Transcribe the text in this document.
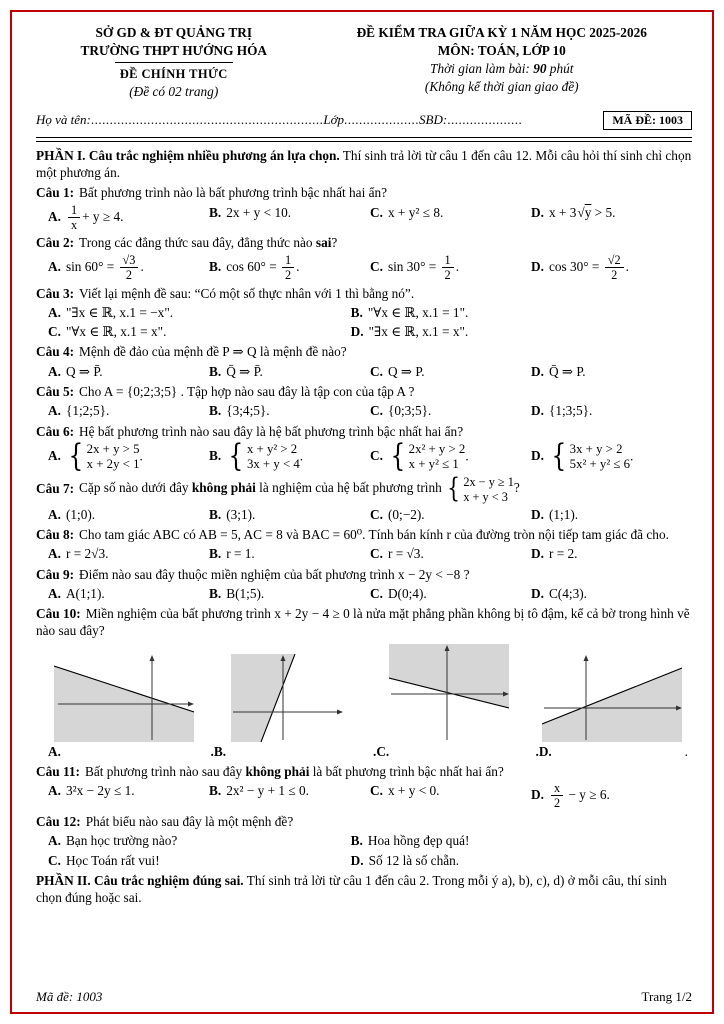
SỞ GD & ĐT QUẢNG TRỊ
TRƯỜNG THPT HƯỚNG HÓA
ĐỀ CHÍNH THỨC
(Đề có 02 trang)
ĐỀ KIỂM TRA GIỮA KỲ 1 NĂM HỌC 2025-2026
MÔN: TOÁN, LỚP 10
Thời gian làm bài: 90 phút
(Không kể thời gian giao đề)
Họ và tên: .............................................................. Lớp .................... SBD: ....................	MÃ ĐỀ: 1003
PHẦN I. Câu trắc nghiệm nhiều phương án lựa chọn. Thí sinh trả lời từ câu 1 đến câu 12. Mỗi câu hỏi thí sinh chỉ chọn một phương án.
Câu 1: Bất phương trình nào là bất phương trình bậc nhất hai ẩn?
A. $\frac{1}{x} + y \ge 4$.	B. 2x + y < 10.	C. x + y² ≤ 8.	D. x + 3√y > 5.
Câu 2: Trong các đẳng thức sau đây, đẳng thức nào sai?
A. $\sin 60^\circ = \frac{√3}{2}$ .	B. $\cos 60^\circ = \frac{1}{2}$ .	C. $\sin 30^\circ = \frac{1}{2}$ .	D. $\cos 30^\circ = \frac{√2}{2}$ .
Câu 3: Viết lại mệnh đề sau: “Có một số thực nhân với 1 thì bằng nó”.
A. "∃x ∈ ℝ, x.1 = −x".	B. "∀x ∈ ℝ, x.1 = 1".
C. "∀x ∈ ℝ, x.1 = x".	D. "∃x ∈ ℝ, x.1 = x".
Câu 4: Mệnh đề đảo của mệnh đề P ⇒ Q là mệnh đề nào?
A. Q ⇒ P̄.	B. Q̄ ⇒ P̄.	C. Q ⇒ P.	D. Q̄ ⇒ P.
Câu 5: Cho A = {0;2;3;5} . Tập hợp nào sau đây là tập con của tập A ?
A. {1;2;5}.	B. {3;4;5}.	C. {0;3;5}.	D. {1;3;5}.
Câu 6: Hệ bất phương trình nào sau đây là hệ bất phương trình bậc nhất hai ẩn?
A. { 2x + y > 5
x + 2y < 1
.	B. { x + y² > 2
3x + y < 4
.	C. { 2x² + y > 2
x + y² ≤ 1
.	D. { 3x + y > 2
5x² + y² ≤ 6
.
Câu 7: Cặp số nào dưới đây không phải là nghiệm của hệ bất phương trình { 2x − y ≥ 1
x + y < 3
?
A. (1;0).	B. (3;1).	C. (0;−2).	D. (1;1).
Câu 8: Cho tam giác ABC có AB = 5, AC = 8 và BAC = 60⁰. Tính bán kính r của đường tròn nội tiếp tam giác đã cho.
A. r = 2√3.	B. r = 1.	C. r = √3.	D. r = 2.
Câu 9: Điểm nào sau đây thuộc miền nghiệm của bất phương trình x − 2y < −8 ?
A. A(1;1).	B. B(1;5).	C. D(0;4).	D. C(4;3).
Câu 10: Miền nghiệm của bất phương trình x + 2y − 4 ≥ 0 là nửa mặt phẳng phần không bị tô đậm, kể cả bờ trong hình vẽ nào sau đây?
A.	.B.	.C.	.D.	.
Câu 11: Bất phương trình nào sau đây không phải là bất phương trình bậc nhất hai ẩn?
A. 3²x − 2y ≤ 1.	B. 2x² − y + 1 ≤ 0.	C. x + y < 0.	D. $\frac{x}{2} - y \ge 6$.
Câu 12: Phát biểu nào sau đây là một mệnh đề?
A. Bạn học trường nào?	B. Hoa hồng đẹp quá!
C. Học Toán rất vui!	D. Số 12 là số chẵn.
PHẦN II. Câu trắc nghiệm đúng sai. Thí sinh trả lời từ câu 1 đến câu 2. Trong mỗi ý a), b), c), d) ở mỗi câu, thí sinh chọn đúng hoặc sai.
Mã đề: 1003	Trang 1/2
